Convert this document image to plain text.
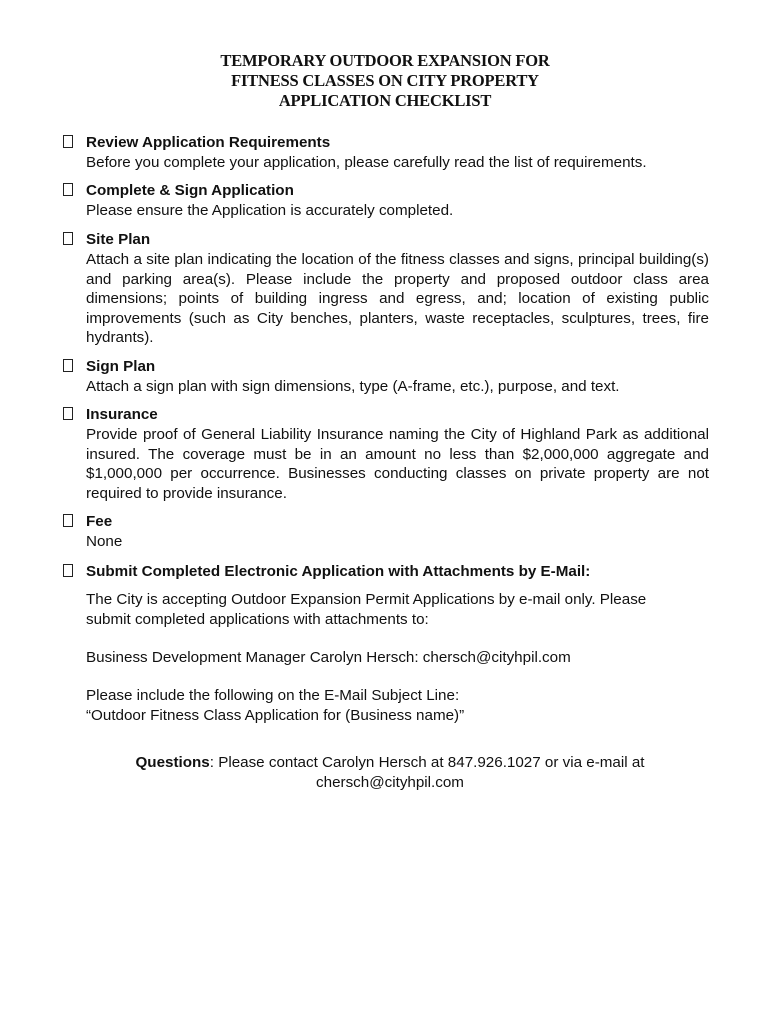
TEMPORARY OUTDOOR EXPANSION FOR
FITNESS CLASSES ON CITY PROPERTY
APPLICATION CHECKLIST
Review Application Requirements
Before you complete your application, please carefully read the list of requirements.
Complete & Sign Application
Please ensure the Application is accurately completed.
Site Plan
Attach a site plan indicating the location of the fitness classes and signs, principal building(s) and parking area(s). Please include the property and proposed outdoor class area dimensions; points of building ingress and egress, and; location of existing public improvements (such as City benches, planters, waste receptacles, sculptures, trees, fire hydrants).
Sign Plan
Attach a sign plan with sign dimensions, type (A-frame, etc.), purpose, and text.
Insurance
Provide proof of General Liability Insurance naming the City of Highland Park as additional insured. The coverage must be in an amount no less than $2,000,000 aggregate and $1,000,000 per occurrence. Businesses conducting classes on private property are not required to provide insurance.
Fee
None
Submit Completed Electronic Application with Attachments by E-Mail:
The City is accepting Outdoor Expansion Permit Applications by e-mail only. Please
submit completed applications with attachments to:
Business Development Manager Carolyn Hersch: chersch@cityhpil.com
Please include the following on the E-Mail Subject Line:
“Outdoor Fitness Class Application for (Business name)”
Questions: Please contact Carolyn Hersch at 847.926.1027 or via e-mail at
chersch@cityhpil.com
